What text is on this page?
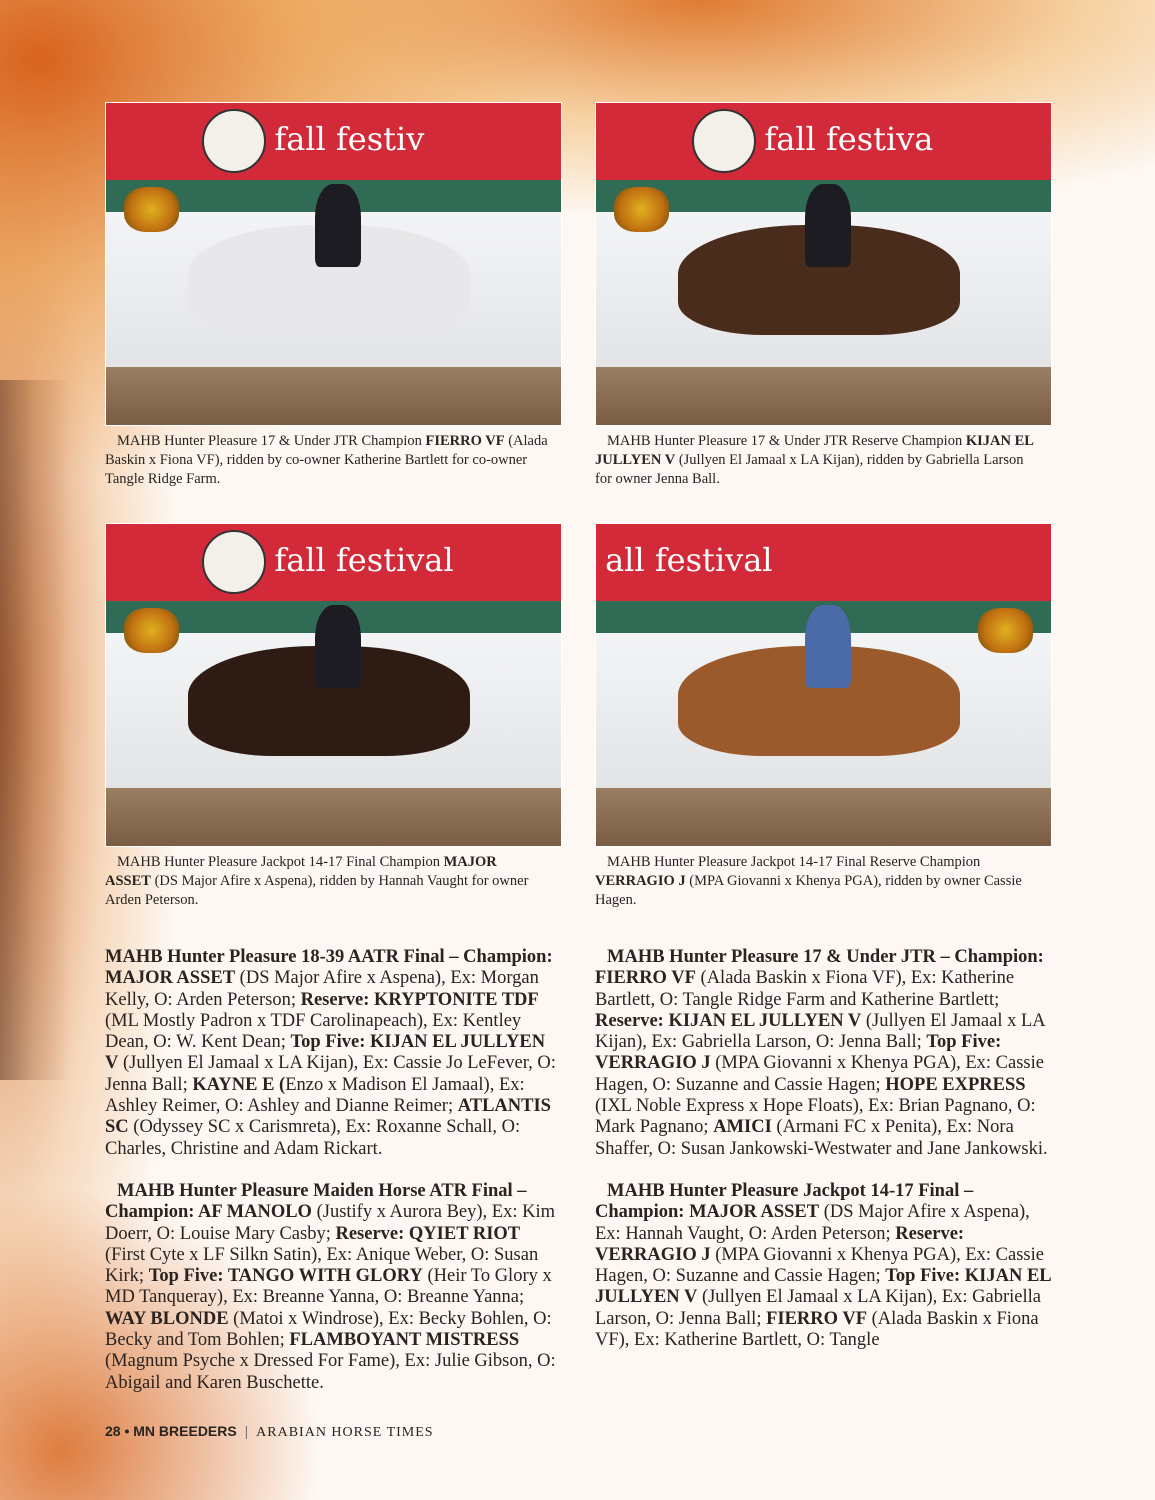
fall festiv	fall festiva
fall festival	all festival
MAHB Hunter Pleasure 17 & Under JTR Champion FIERRO VF (Alada Baskin x Fiona VF), ridden by co-owner Katherine Bartlett for co-owner Tangle Ridge Farm.
MAHB Hunter Pleasure 17 & Under JTR Reserve Champion KIJAN EL JULLYEN V (Jullyen El Jamaal x LA Kijan), ridden by Gabriella Larson for owner Jenna Ball.
MAHB Hunter Pleasure Jackpot 14-17 Final Champion MAJOR ASSET (DS Major Afire x Aspena), ridden by Hannah Vaught for owner Arden Peterson.
MAHB Hunter Pleasure Jackpot 14-17 Final Reserve Champion VERRAGIO J (MPA Giovanni x Khenya PGA), ridden by owner Cassie Hagen.

MAHB Hunter Pleasure 18-39 AATR Final – Champion: MAJOR ASSET (DS Major Afire x Aspena), Ex: Morgan Kelly, O: Arden Peterson; Reserve: KRYPTONITE TDF (ML Mostly Padron x TDF Carolinapeach), Ex: Kentley Dean, O: W. Kent Dean; Top Five: KIJAN EL JULLYEN V (Jullyen El Jamaal x LA Kijan), Ex: Cassie Jo LeFever, O: Jenna Ball; KAYNE E (Enzo x Madison El Jamaal), Ex: Ashley Reimer, O: Ashley and Dianne Reimer; ATLANTIS SC (Odyssey SC x Carismreta), Ex: Roxanne Schall, O: Charles, Christine and Adam Rickart.

MAHB Hunter Pleasure Maiden Horse ATR Final – Champion: AF MANOLO (Justify x Aurora Bey), Ex: Kim Doerr, O: Louise Mary Casby; Reserve: QYIET RIOT (First Cyte x LF Silkn Satin), Ex: Anique Weber, O: Susan Kirk; Top Five: TANGO WITH GLORY (Heir To Glory x MD Tanqueray), Ex: Breanne Yanna, O: Breanne Yanna; WAY BLONDE (Matoi x Windrose), Ex: Becky Bohlen, O: Becky and Tom Bohlen; FLAMBOYANT MISTRESS (Magnum Psyche x Dressed For Fame), Ex: Julie Gibson, O: Abigail and Karen Buschette.

MAHB Hunter Pleasure 17 & Under JTR – Champion: FIERRO VF (Alada Baskin x Fiona VF), Ex: Katherine Bartlett, O: Tangle Ridge Farm and Katherine Bartlett; Reserve: KIJAN EL JULLYEN V (Jullyen El Jamaal x LA Kijan), Ex: Gabriella Larson, O: Jenna Ball; Top Five: VERRAGIO J (MPA Giovanni x Khenya PGA), Ex: Cassie Hagen, O: Suzanne and Cassie Hagen; HOPE EXPRESS (IXL Noble Express x Hope Floats), Ex: Brian Pagnano, O: Mark Pagnano; AMICI (Armani FC x Penita), Ex: Nora Shaffer, O: Susan Jankowski-Westwater and Jane Jankowski.

MAHB Hunter Pleasure Jackpot 14-17 Final – Champion: MAJOR ASSET (DS Major Afire x Aspena), Ex: Hannah Vaught, O: Arden Peterson; Reserve: VERRAGIO J (MPA Giovanni x Khenya PGA), Ex: Cassie Hagen, O: Suzanne and Cassie Hagen; Top Five: KIJAN EL JULLYEN V (Jullyen El Jamaal x LA Kijan), Ex: Gabriella Larson, O: Jenna Ball; FIERRO VF (Alada Baskin x Fiona VF), Ex: Katherine Bartlett, O: Tangle

28 • MN BREEDERS | ARABIAN HORSE TIMES
